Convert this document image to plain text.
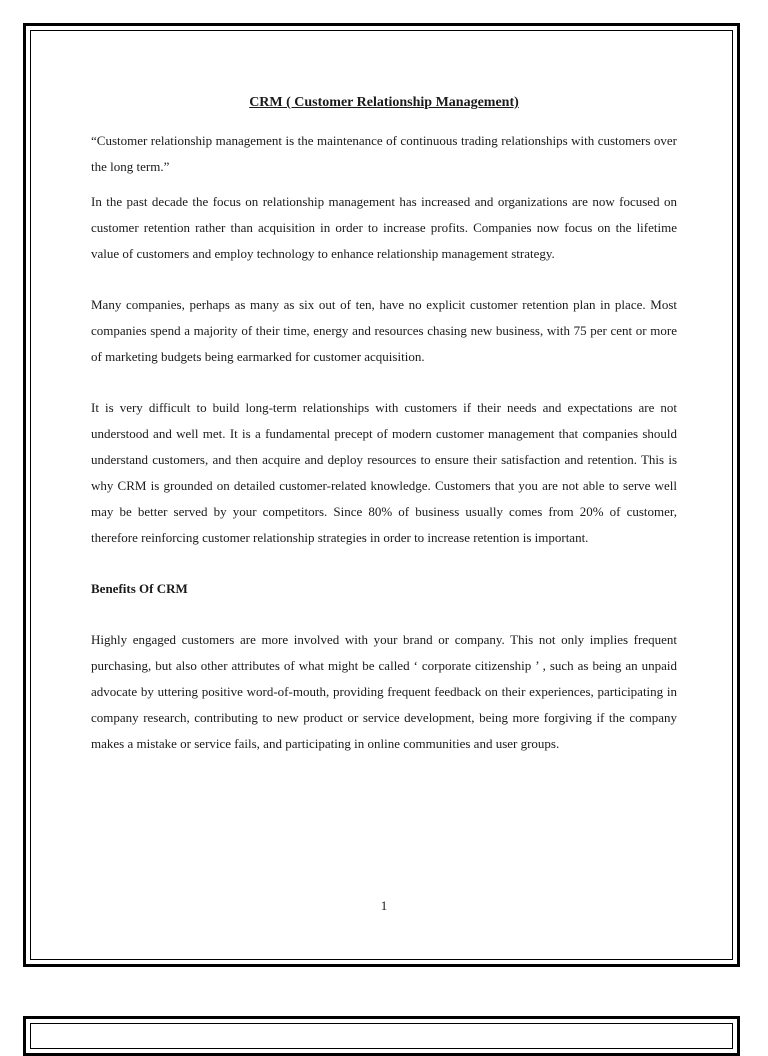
CRM ( Customer Relationship Management)

“Customer relationship management is the maintenance of continuous trading relationships with customers over the long term.”

In the past decade the focus on relationship management has increased and organizations are now focused on customer retention rather than acquisition in order to increase profits. Companies now focus on the lifetime value of customers and employ technology to enhance relationship management strategy.

Many companies, perhaps as many as six out of ten, have no explicit customer retention plan in place. Most companies spend a majority of their time, energy and resources chasing new business, with 75 per cent or more of marketing budgets being earmarked for customer acquisition.

It is very difficult to build long-term relationships with customers if their needs and expectations are not understood and well met. It is a fundamental precept of modern customer management that companies should understand customers, and then acquire and deploy resources to ensure their satisfaction and retention. This is why CRM is grounded on detailed customer-related knowledge. Customers that you are not able to serve well may be better served by your competitors. Since 80% of business usually comes from 20% of customer, therefore reinforcing customer relationship strategies in order to increase retention is important.

Benefits Of CRM

Highly engaged customers are more involved with your brand or company. This not only implies frequent purchasing, but also other attributes of what might be called ‘ corporate citizenship ’ , such as being an unpaid advocate by uttering positive word-of-mouth, providing frequent feedback on their experiences, participating in company research, contributing to new product or service development, being more forgiving if the company makes a mistake or service fails, and participating in online communities and user groups.

1
